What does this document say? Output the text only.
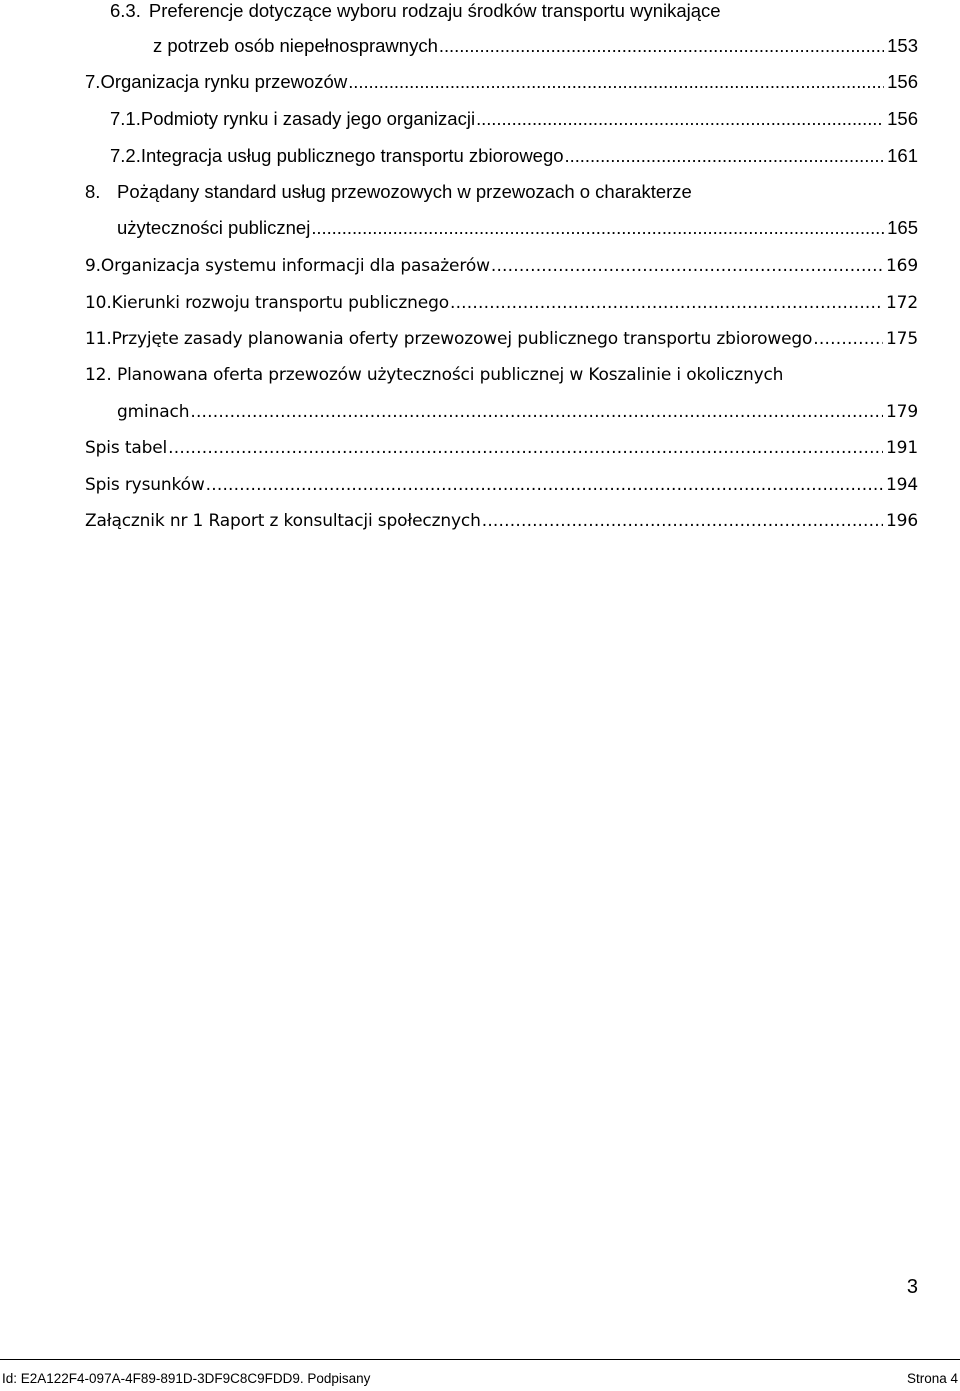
6.3. Preferencje dotyczące wyboru rodzaju środków transportu wynikające
z potrzeb osób niepełnosprawnych . . .	153
7. Organizacja rynku przewozów . . .	156
7.1. Podmioty rynku i zasady jego organizacji . . .	156
7.2. Integracja usług publicznego transportu zbiorowego . . .	161
8. Pożądany standard usług przewozowych w przewozach o charakterze
użyteczności publicznej . . .	165
9. Organizacja systemu informacji dla pasażerów . . .	169
10. Kierunki rozwoju transportu publicznego . . .	172
11. Przyjęte zasady planowania oferty przewozowej publicznego transportu zbiorowego . . .	175
12. Planowana oferta przewozów użyteczności publicznej w Koszalinie i okolicznych
gminach . . .	179
Spis tabel . . .	191
Spis rysunków . . .	194
Załącznik nr 1 Raport z konsultacji społecznych . . .	196
3
Id: E2A122F4-097A-4F89-891D-3DF9C8C9FDD9. Podpisany	Strona 4
